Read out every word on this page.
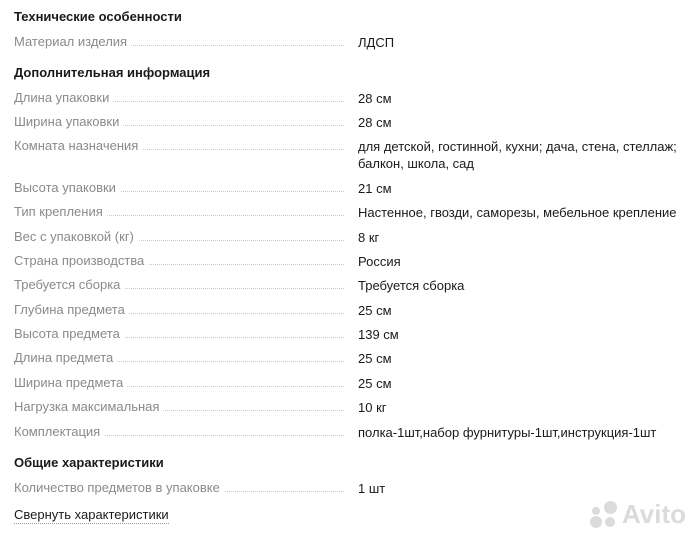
Технические особенности
Материал изделия	ЛДСП
Дополнительная информация
Длина упаковки	28 см
Ширина упаковки	28 см
Комната назначения	для детской, гостинной, кухни; дача, стена, стеллаж; балкон, школа, сад
Высота упаковки	21 см
Тип крепления	Настенное, гвозди, саморезы, мебельное крепление
Вес с упаковкой (кг)	8 кг
Страна производства	Россия
Требуется сборка	Требуется сборка
Глубина предмета	25 см
Высота предмета	139 см
Длина предмета	25 см
Ширина предмета	25 см
Нагрузка максимальная	10 кг
Комплектация	полка-1шт,набор фурнитуры-1шт,инструкция-1шт
Общие характеристики
Количество предметов в упаковке	1 шт
Свернуть характеристики	Avito
